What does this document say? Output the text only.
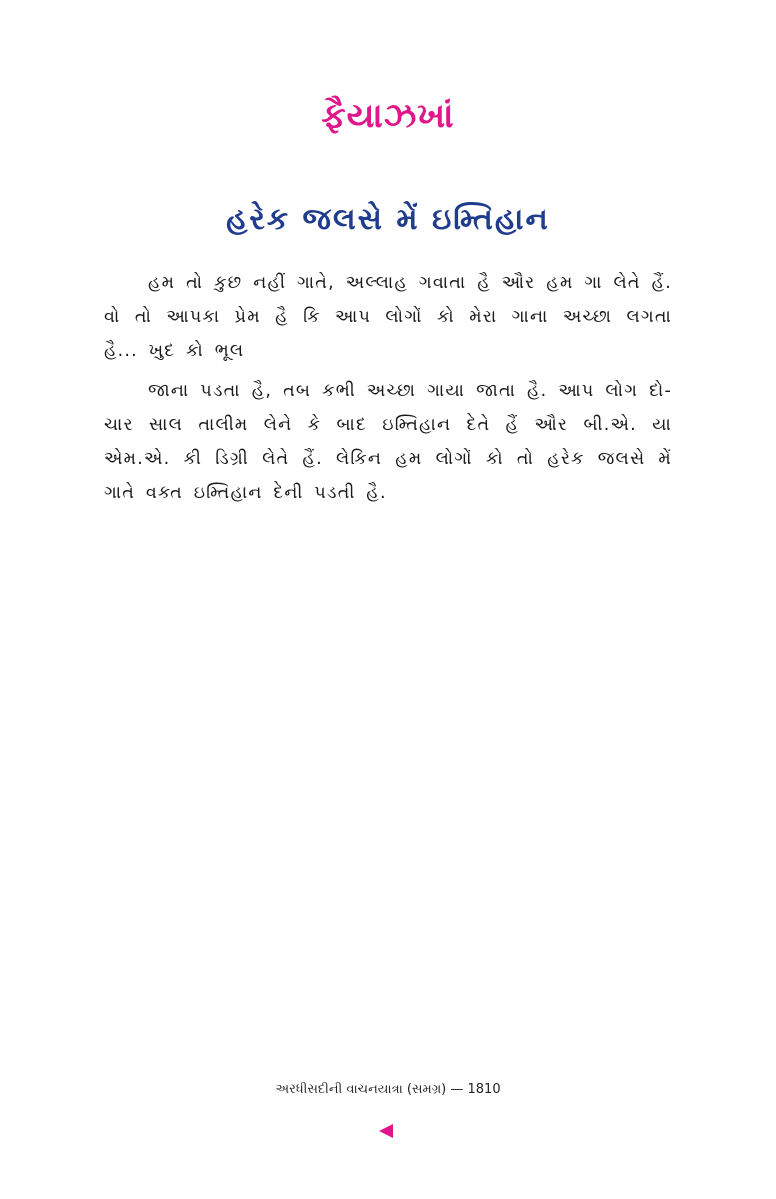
ફૈયાઝખાં
હરેક જલસે મેં ઇમ્તિહાન

હમ તો કુછ નહીં ગાતે, અલ્લાહ ગવાતા હૈ ઔર હમ ગા લેતે હૈં. વો તો આપકા પ્રેમ હૈ કિ આપ લોગોં કો મેરા ગાના અચ્છા લગતા હૈ... ખુદ કો ભૂલ

જાના પડતા હૈ, તબ કભી અચ્છા ગાયા જાતા હૈ. આપ લોગ દો-ચાર સાલ તાલીમ લેને કે બાદ ઇમ્તિહાન દેતે હૈં ઔર બી.એ. યા એમ.એ. કી ડિગ્રી લેતે હૈં. લેકિન હમ લોગોં કો તો હરેક જલસે મેં ગાતે વક્ત ઇમ્તિહાન દેની પડતી હૈ.

અરધીસદીની વાચનયાત્રા (સમગ્ર) — 1810
